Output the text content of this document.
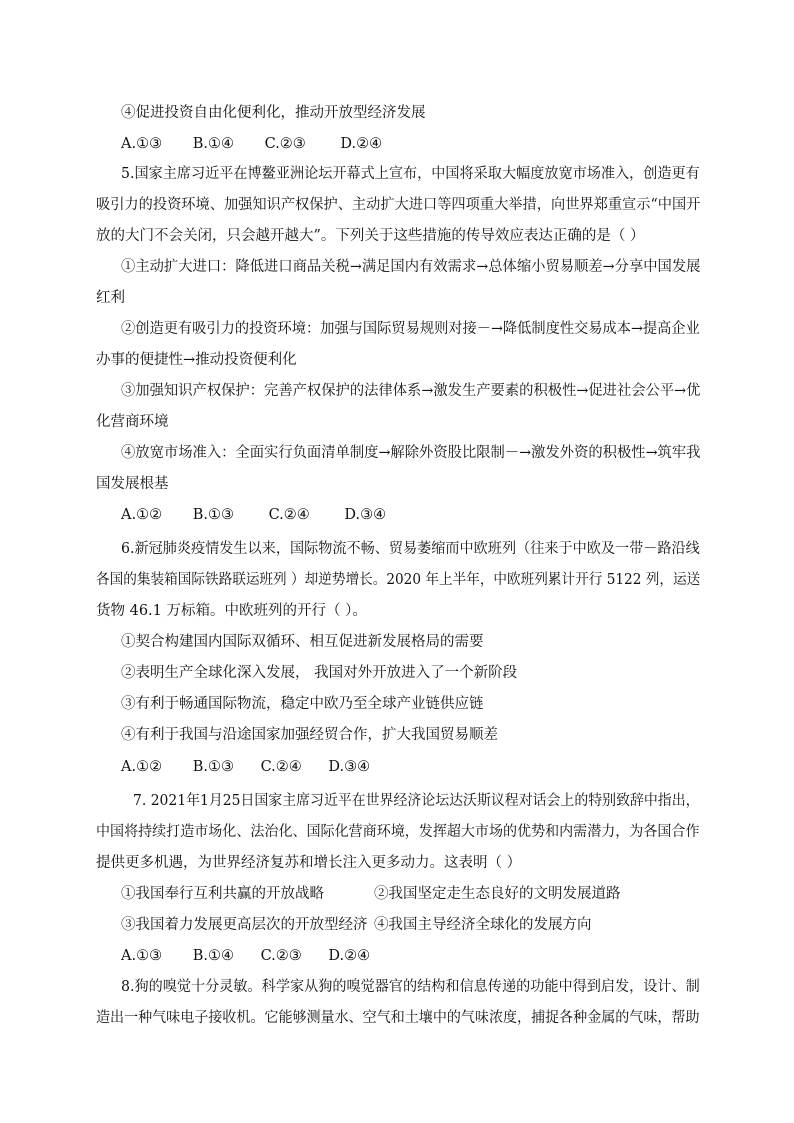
④促进投资自由化便利化，推动开放型经济发展
A.①③ B.①④ C.②③ D.②④
5.国家主席习近平在博鳌亚洲论坛开幕式上宣布，中国将采取大幅度放宽市场准入，创造更有
吸引力的投资环境、加强知识产权保护、主动扩大进口等四项重大举措，向世界郑重宣示“中国开
放的大门不会关闭，只会越开越大”。下列关于这些措施的传导效应表达正确的是（ ）
①主动扩大进口：降低进口商品关税→满足国内有效需求→总体缩小贸易顺差→分享中国发展
红利
②创造更有吸引力的投资环境：加强与国际贸易规则对接－→降低制度性交易成本→提高企业
办事的便捷性→推动投资便利化
③加强知识产权保护：完善产权保护的法律体系→激发生产要素的积极性→促进社会公平→优
化营商环境
④放宽市场准入：全面实行负面清单制度→解除外资股比限制－→激发外资的积极性→筑牢我
国发展根基
A.①② B.①③ C.②④ D.③④
6.新冠肺炎疫情发生以来，国际物流不畅、贸易萎缩而中欧班列（往来于中欧及一带－路沿线
各国的集装箱国际铁路联运班列 ）却逆势增长。2020 年上半年，中欧班列累计开行 5122 列，运送
货物 46.1 万标箱。中欧班列的开行（ ）。
①契合构建国内国际双循环、相互促进新发展格局的需要
②表明生产全球化深入发展， 我国对外开放进入了一个新阶段
③有利于畅通国际物流，稳定中欧乃至全球产业链供应链
④有利于我国与沿途国家加强经贸合作，扩大我国贸易顺差
A.①② B.①③ C.②④ D.③④
7. 2021年1月25日国家主席习近平在世界经济论坛达沃斯议程对话会上的特别致辞中指出，
中国将持续打造市场化、法治化、国际化营商环境，发挥超大市场的优势和内需潜力，为各国合作
提供更多机遇，为世界经济复苏和增长注入更多动力。这表明（ ）
①我国奉行互利共赢的开放战略	②我国坚定走生态良好的文明发展道路
③我国着力发展更高层次的开放型经济 ④我国主导经济全球化的发展方向
A.①③ B.①④ C.②③ D.②④
8.狗的嗅觉十分灵敏。科学家从狗的嗅觉器官的结构和信息传递的功能中得到启发，设计、制
造出一种气味电子接收机。它能够测量水、空气和土壤中的气味浓度，捕捉各种金属的气味，帮助
